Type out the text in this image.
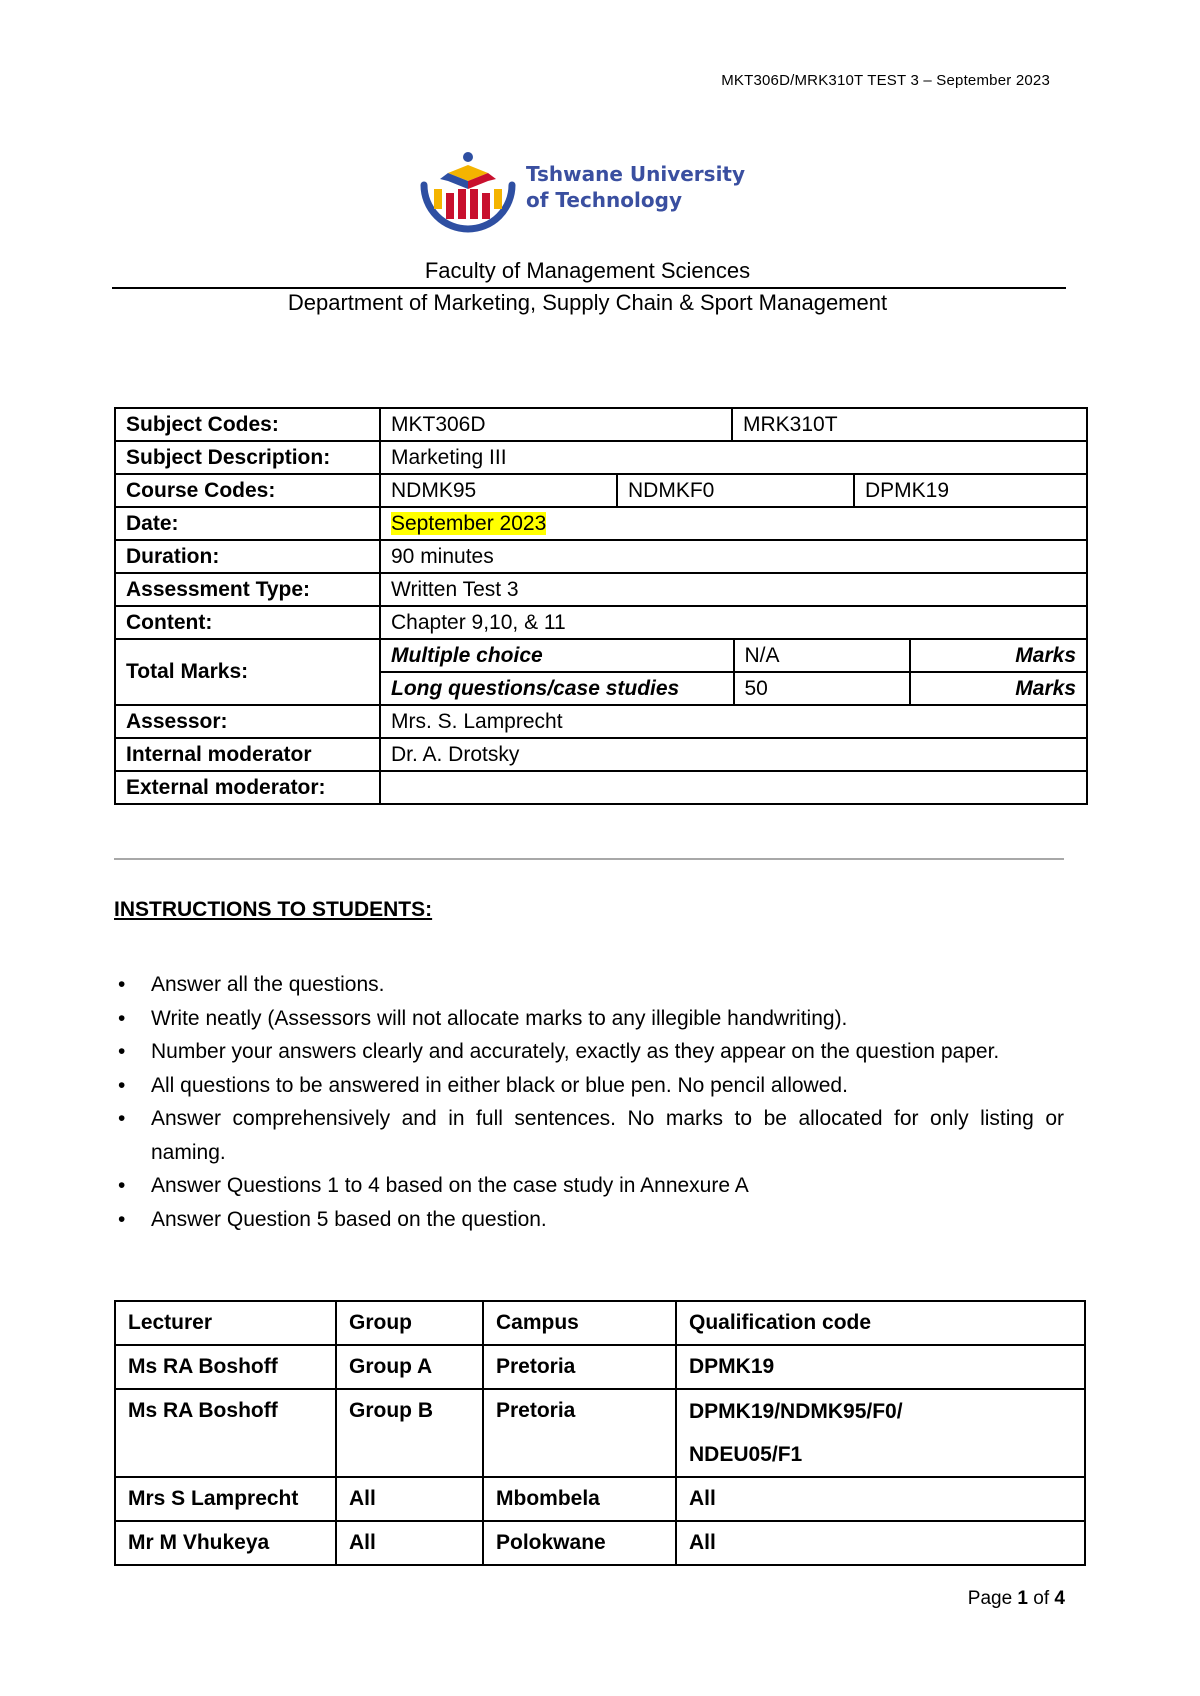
MKT306D/MRK310T TEST 3 – September 2023
Tshwane University
of Technology
Faculty of Management Sciences
Department of Marketing, Supply Chain & Sport Management
Subject Codes:		MKT306D	MRK310T

Subject Description:	Marketing III
Course Codes:		NDMK95	NDMKF0	DPMK19

Date:	September 2023
Duration:	90 minutes
Assessment Type:	Written Test 3
Content:	Chapter 9,10, & 11
Total Marks:	Multiple choice	N/A	Marks
Long questions/case studies	50	Marks
Assessor:	Mrs. S. Lamprecht
Internal moderator	Dr. A. Drotsky
External moderator:	
INSTRUCTIONS TO STUDENTS:
• Answer all the questions.
• Write neatly (Assessors will not allocate marks to any illegible handwriting).
• Number your answers clearly and accurately, exactly as they appear on the question paper.
• All questions to be answered in either black or blue pen. No pencil allowed.
• Answer comprehensively and in full sentences. No marks to be allocated for only listing or naming.
• Answer Questions 1 to 4 based on the case study in Annexure A
• Answer Question 5 based on the question.
Lecturer	Group	Campus	Qualification code
Ms RA Boshoff	Group A	Pretoria	DPMK19
Ms RA Boshoff	Group B	Pretoria	DPMK19/NDMK95/F0/
NDEU05/F1

Mrs S Lamprecht	All	Mbombela	All
Mr M Vhukeya	All	Polokwane	All
Page 1 of 4
